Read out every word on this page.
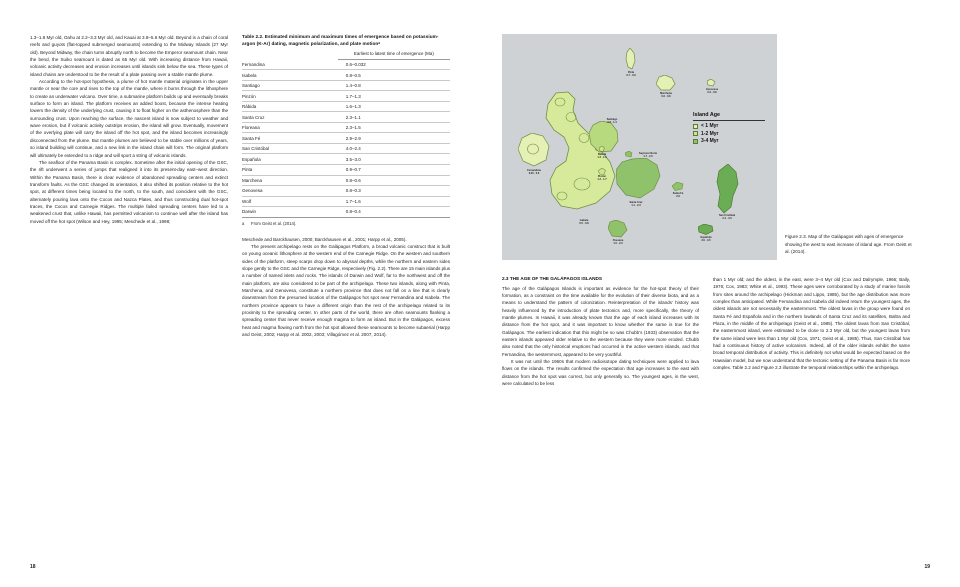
1.3–1.8 Myr old, Oahu at 2.2–3.3 Myr old, and Kauai at 3.8–5.6 Myr old. Beyond is a chain of coral reefs and guyots (flat-topped submerged seamounts) extending to the Midway Islands (27 Myr old). Beyond Midway, the chain turns abruptly north to become the Emperor seamount chain. Near the bend, the Suiko seamount is dated as 65 Myr old. With increasing distance from Hawaii, volcanic activity decreases and erosion increases until islands sink below the sea. These types of island chains are understood to be the result of a plate passing over a stable mantle plume.

According to the hot-spot hypothesis, a plume of hot mantle material originates in the upper mantle or near the core and rises to the top of the mantle, where it burns through the lithosphere to create an underwater volcano. Over time, a submarine platform builds up and eventually breaks surface to form an island. The platform receives an added boost, because the intense heating lowers the density of the underlying crust, causing it to float higher on the asthenosphere than the surrounding crust. Upon reaching the surface, the nascent island is now subject to weather and wave erosion, but if volcanic activity outstrips erosion, the island will grow. Eventually, movement of the overlying plate will carry the island off the hot spot, and the island becomes increasingly disconnected from the plume. But mantle plumes are believed to be stable over millions of years, so island building will continue, and a new link in the island chain will form. The original platform will ultimately be extended to a ridge and will sport a string of volcanic islands.

The seafloor of the Panama Basin is complex. Sometime after the initial opening of the GSC, the rift underwent a series of jumps that realigned it into its present-day east–west direction. Within the Panama Basin, there is clear evidence of abandoned spreading centers and extinct transform faults. As the GSC changed its orientation, it also shifted its position relative to the hot spot, at different times being located to the north, to the south, and coincident with the GSC, alternately pouring lava onto the Cocos and Nazca Plates, and thus constructing dual hot-spot traces, the Cocos and Carnegie Ridges. The multiple failed spreading centers have led to a weakened crust that, unlike Hawaii, has permitted volcanism to continue well after the island has moved off the hot spot (Wilson and Hey, 1995; Meschede et al., 1998;

Table 2.2. Estimated minimum and maximum times of emergence based on potassium-argon (K-Ar) dating, magnetic polarization, and plate motionᵃ
	Earliest to latest time of emergence (Ma)
Fernandina	0.6–0.032
Isabela	0.8–0.5
Santiago	1.4–0.8
Pinzón	1.7–1.3
Rábida	1.6–1.3
Santa Cruz	2.3–1.1
Floreana	2.3–1.5
Santa Fé	2.9–2.9
San Cristóbal	4.0–2.4
Española	3.5–3.0
Pinta	0.9–0.7
Marchena	0.8–0.6
Genovesa	0.8–0.3
Wolf	1.7–1.6
Darwin	0.8–0.4
a From Geist et al. (2014).

Meschede and Barckhausen, 2000; Barckhausen et al., 2001; Harpp et al., 2005).

The present archipelago rests on the Galápagos Platform, a broad volcanic construct that is built on young oceanic lithosphere at the western end of the Carnegie Ridge. On the western and southern sides of the platform, steep scarps drop down to abyssal depths, while the northern and eastern sides slope gently to the GSC and the Carnegie Ridge, respectively (Fig. 2.2). There are 15 main islands plus a number of named islets and rocks. The islands of Darwin and Wolf, far to the northwest and off the main platform, are also considered to be part of the archipelago. These two islands, along with Pinta, Marchena, and Genovesa, constitute a northern province that does not fall on a line that is clearly downstream from the presumed location of the Galápagos hot spot near Fernandina and Isabela. The northern province appears to have a different origin than the rest of the archipelago related to its proximity to the spreading center. In other parts of the world, there are often seamounts flanking a spreading center that never receive enough magma to form an island. But in the Galápagos, excess heat and magma flowing north from the hot spot allowed these seamounts to become subaerial (Harpp and Geist, 2002; Harpp et al. 2002, 2003; Villagómez et al. 2007, 2014).

18
Pinta
0.7 - 0.9
Marchena
0.6 - 0.8
Genovesa
0.3 - 0.8
Fernandina
0.03 - 0.6
Isabela
0.5 - 0.8
Santiago
0.8 - 1.4
Rábida
1.3 - 1.6
Pinzón
1.3 - 1.7
Seymour Norte
1.7 - 2.3
Santa Cruz
1.1 - 2.3
Santa Fé
2.9
San Cristóbal
2.4 - 4.0
Floreana
1.5 - 2.3
Española
3.0 - 3.5
Island Age
< 1 Myr
1-2 Myr
3-4 Myr
Figure 2.3. Map of the Galápagos with ages of emergence showing the west to east increase of island age. From Geist et al. (2014).
2.3 THE AGE OF THE GALÁPAGOS ISLANDS

The age of the Galápagos Islands is important as evidence for the hot-spot theory of their formation, as a constraint on the time available for the evolution of their diverse biota, and as a means to understand the pattern of colonization. Reinterpretation of the islands' history was heavily influenced by the introduction of plate tectonics and, more specifically, the theory of mantle plumes. In Hawaii, it was already known that the age of each island increases with its distance from the hot spot, and it was important to know whether the same is true for the Galápagos. The earliest indication that this might be so was Chubb's (1933) observation that the eastern islands appeared older relative to the western because they were more eroded. Chubb also noted that the only historical eruptions had occurred in the active western islands, and that Fernandina, the westernmost, appeared to be very youthful.

It was not until the 1960s that modern radioisotope dating techniques were applied to lava flows on the islands. The results confirmed the expectation that age increases to the east with distance from the hot spot was correct, but only generally so. The youngest ages, in the west, were calculated to be less

than 1 Myr old; and the oldest, in the east, were 3–4 Myr old (Cox and Dalrymple, 1966; Baily, 1976; Cox, 1983; White et al., 1993). These ages were corroborated by a study of marine fossils from sites around the archipelago (Hickman and Lipps, 1985), but the age distribution was more complex than anticipated. While Fernandina and Isabela did indeed return the youngest ages, the oldest islands are not necessarily the easternmost. The oldest lavas in the group were found on Santa Fé and Española and in the northern lowlands of Santa Cruz and its satellites, Baltra and Plaza, in the middle of the archipelago (Geist et al., 1985). The oldest lavas from San Cristóbal, the easternmost island, were estimated to be close to 2.3 Myr old, but the youngest lavas from the same island were less than 1 Myr old (Cox, 1971; Geist et al., 1985). Thus, San Cristóbal has had a continuous history of active volcanism. Indeed, all of the older islands exhibit the same broad temporal distribution of activity. This is definitely not what would be expected based on the Hawaiian model, but we now understand that the tectonic setting of the Panama Basin is far more complex. Table 2.2 and Figure 2.3 illustrate the temporal relationships within the archipelago.

19
